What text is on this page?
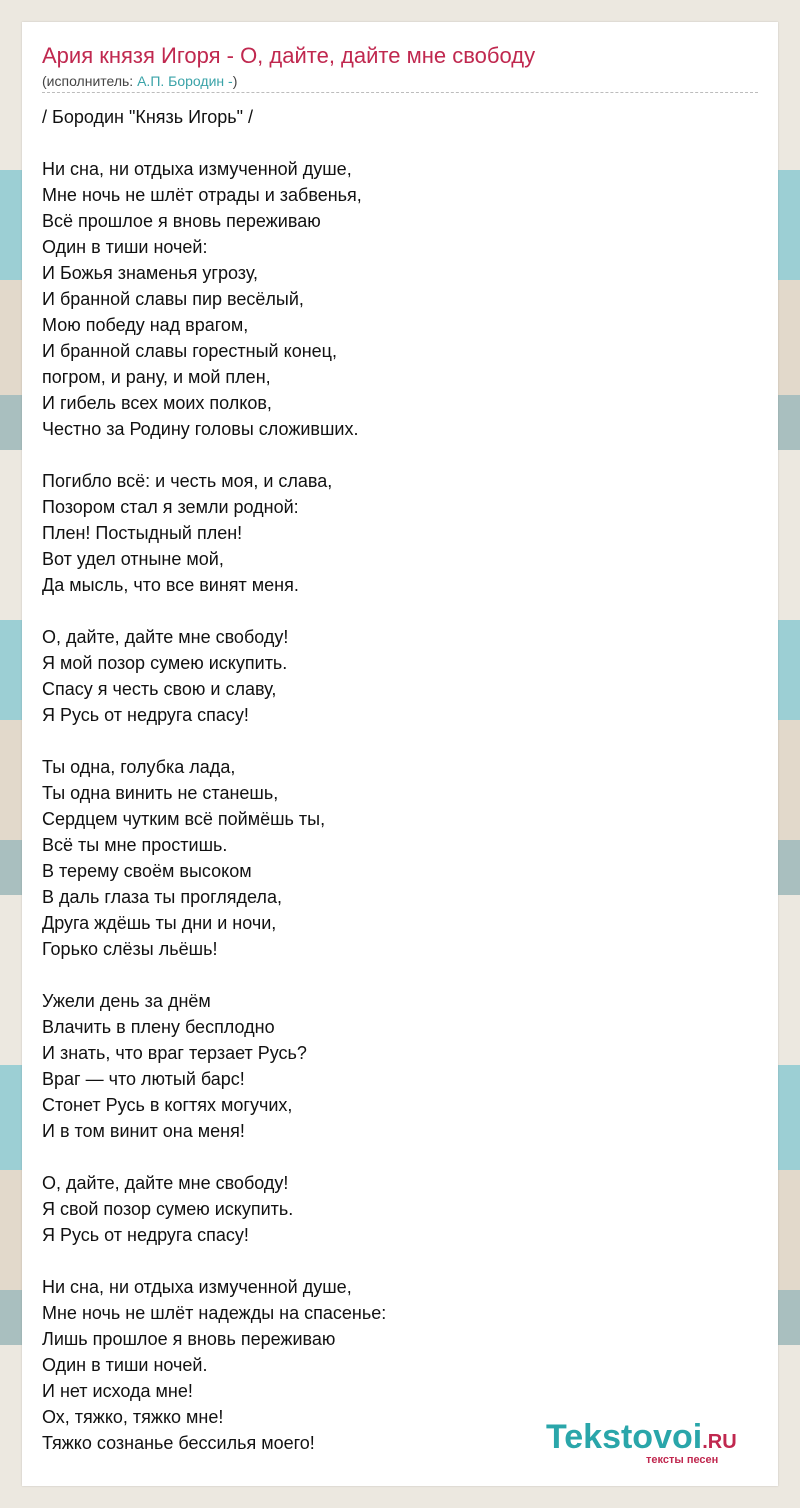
Ария князя Игоря - О, дайте, дайте мне свободу
(исполнитель: А.П. Бородин -)
/ Бородин "Князь Игорь" /
Ни сна, ни отдыха измученной душе,
Мне ночь не шлёт отрады и забвенья,
Всё прошлое я вновь переживаю
Один в тиши ночей:
И Божья знаменья угрозу,
И бранной славы пир весёлый,
Мою победу над врагом,
И бранной славы горестный конец,
погром, и рану, и мой плен,
И гибель всех моих полков,
Честно за Родину головы сложивших.
Погибло всё: и честь моя, и слава,
Позором стал я земли родной:
Плен! Постыдный плен!
Вот удел отныне мой,
Да мысль, что все винят меня.
О, дайте, дайте мне свободу!
Я мой позор сумею искупить.
Спасу я честь свою и славу,
Я Русь от недруга спасу!
Ты одна, голубка лада,
Ты одна винить не станешь,
Сердцем чутким всё поймёшь ты,
Всё ты мне простишь.
В терему своём высоком
В даль глаза ты проглядела,
Друга ждёшь ты дни и ночи,
Горько слёзы льёшь!
Ужели день за днём
Влачить в плену бесплодно
И знать, что враг терзает Русь?
Враг — что лютый барс!
Стонет Русь в когтях могучих,
И в том винит она меня!
О, дайте, дайте мне свободу!
Я свой позор сумею искупить.
Я Русь от недруга спасу!
Ни сна, ни отдыха измученной душе,
Мне ночь не шлёт надежды на спасенье:
Лишь прошлое я вновь переживаю
Один в тиши ночей.
И нет исхода мне!
Ох, тяжко, тяжко мне!
Тяжко сознанье бессилья моего!	Tekstovoi.RU
тексты песен
